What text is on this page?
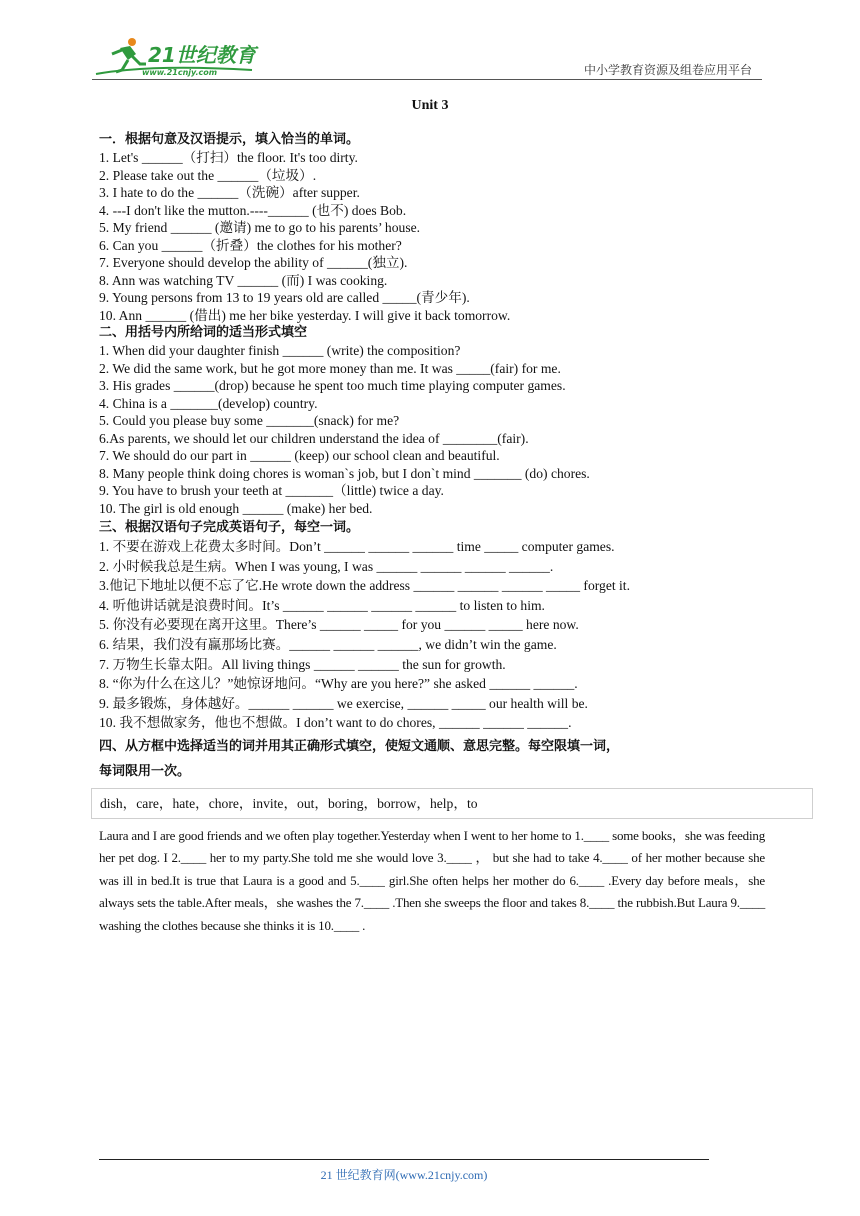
21世纪教育
www.21cnjy.com	中小学教育资源及组卷应用平台
Unit 3
一．根据句意及汉语提示，填入恰当的单词。
1. Let's ______（打扫）the floor. It's too dirty.
2. Please take out the ______（垃圾）.
3. I hate to do the ______（洗碗）after supper.
4. ---I don't like the mutton.----______ (也不) does Bob.
5. My friend ______ (邀请) me to go to his parents’ house.
6. Can you ______（折叠）the clothes for his mother?
7. Everyone should develop the ability of ______(独立).
8. Ann was watching TV ______ (而) I was cooking.
9. Young persons from 13 to 19 years old are called _____(青少年).
10. Ann ______ (借出) me her bike yesterday. I will give it back tomorrow.
二、用括号内所给词的适当形式填空
1. When did your daughter finish ______ (write) the composition?
2. We did the same work, but he got more money than me. It was _____(fair) for me.
3. His grades ______(drop) because he spent too much time playing computer games.
4. China is a _______(develop) country.
5. Could you please buy some _______(snack) for me?
6.As parents, we should let our children understand the idea of ________(fair).
7. We should do our part in ______ (keep) our school clean and beautiful.
8. Many people think doing chores is woman`s job, but I don`t mind _______ (do) chores.
9. You have to brush your teeth at _______（little) twice a day.
10. The girl is old enough ______ (make) her bed.
三、根据汉语句子完成英语句子，每空一词。
1. 不要在游戏上花费太多时间。Don’t ______ ______ ______ time _____ computer games.
2. 小时候我总是生病。When I was young, I was ______ ______ ______ ______.
3.他记下地址以便不忘了它.He wrote down the address ______ ______ ______ _____ forget it.
4. 听他讲话就是浪费时间。It’s ______ ______ ______ ______ to listen to him.
5. 你没有必要现在离开这里。There’s ______ _____ for you ______ _____ here now.
6. 结果，我们没有赢那场比赛。______ ______ ______, we didn’t win the game.
7. 万物生长靠太阳。All living things ______ ______ the sun for growth.
8. “你为什么在这儿？”她惊讶地问。“Why are you here?” she asked ______ ______.
9. 最多锻炼，身体越好。______ ______ we exercise, ______ _____ our health will be.
10. 我不想做家务，他也不想做。I don’t want to do chores, ______ ______ ______.
四、从方框中选择适当的词并用其正确形式填空，使短文通顺、意思完整。每空限填一词，
每词限用一次。
dish，care，hate，chore，invite，out，boring，borrow，help，to
Laura and I are good friends and we often play together.Yesterday when I went to her home to 1.____ some books，she was feeding her pet dog. I 2.____ her to my party.She told me she would love 3.____ ， but she had to take 4.____ of her mother because she was ill in bed.It is true that Laura is a good and 5.____ girl.She often helps her mother do 6.____ .Every day before meals，she always sets the table.After meals，she washes the 7.____ .Then she sweeps the floor and takes 8.____ the rubbish.But Laura 9.____ washing the clothes because she thinks it is 10.____ .
21 世纪教育网(www.21cnjy.com)
